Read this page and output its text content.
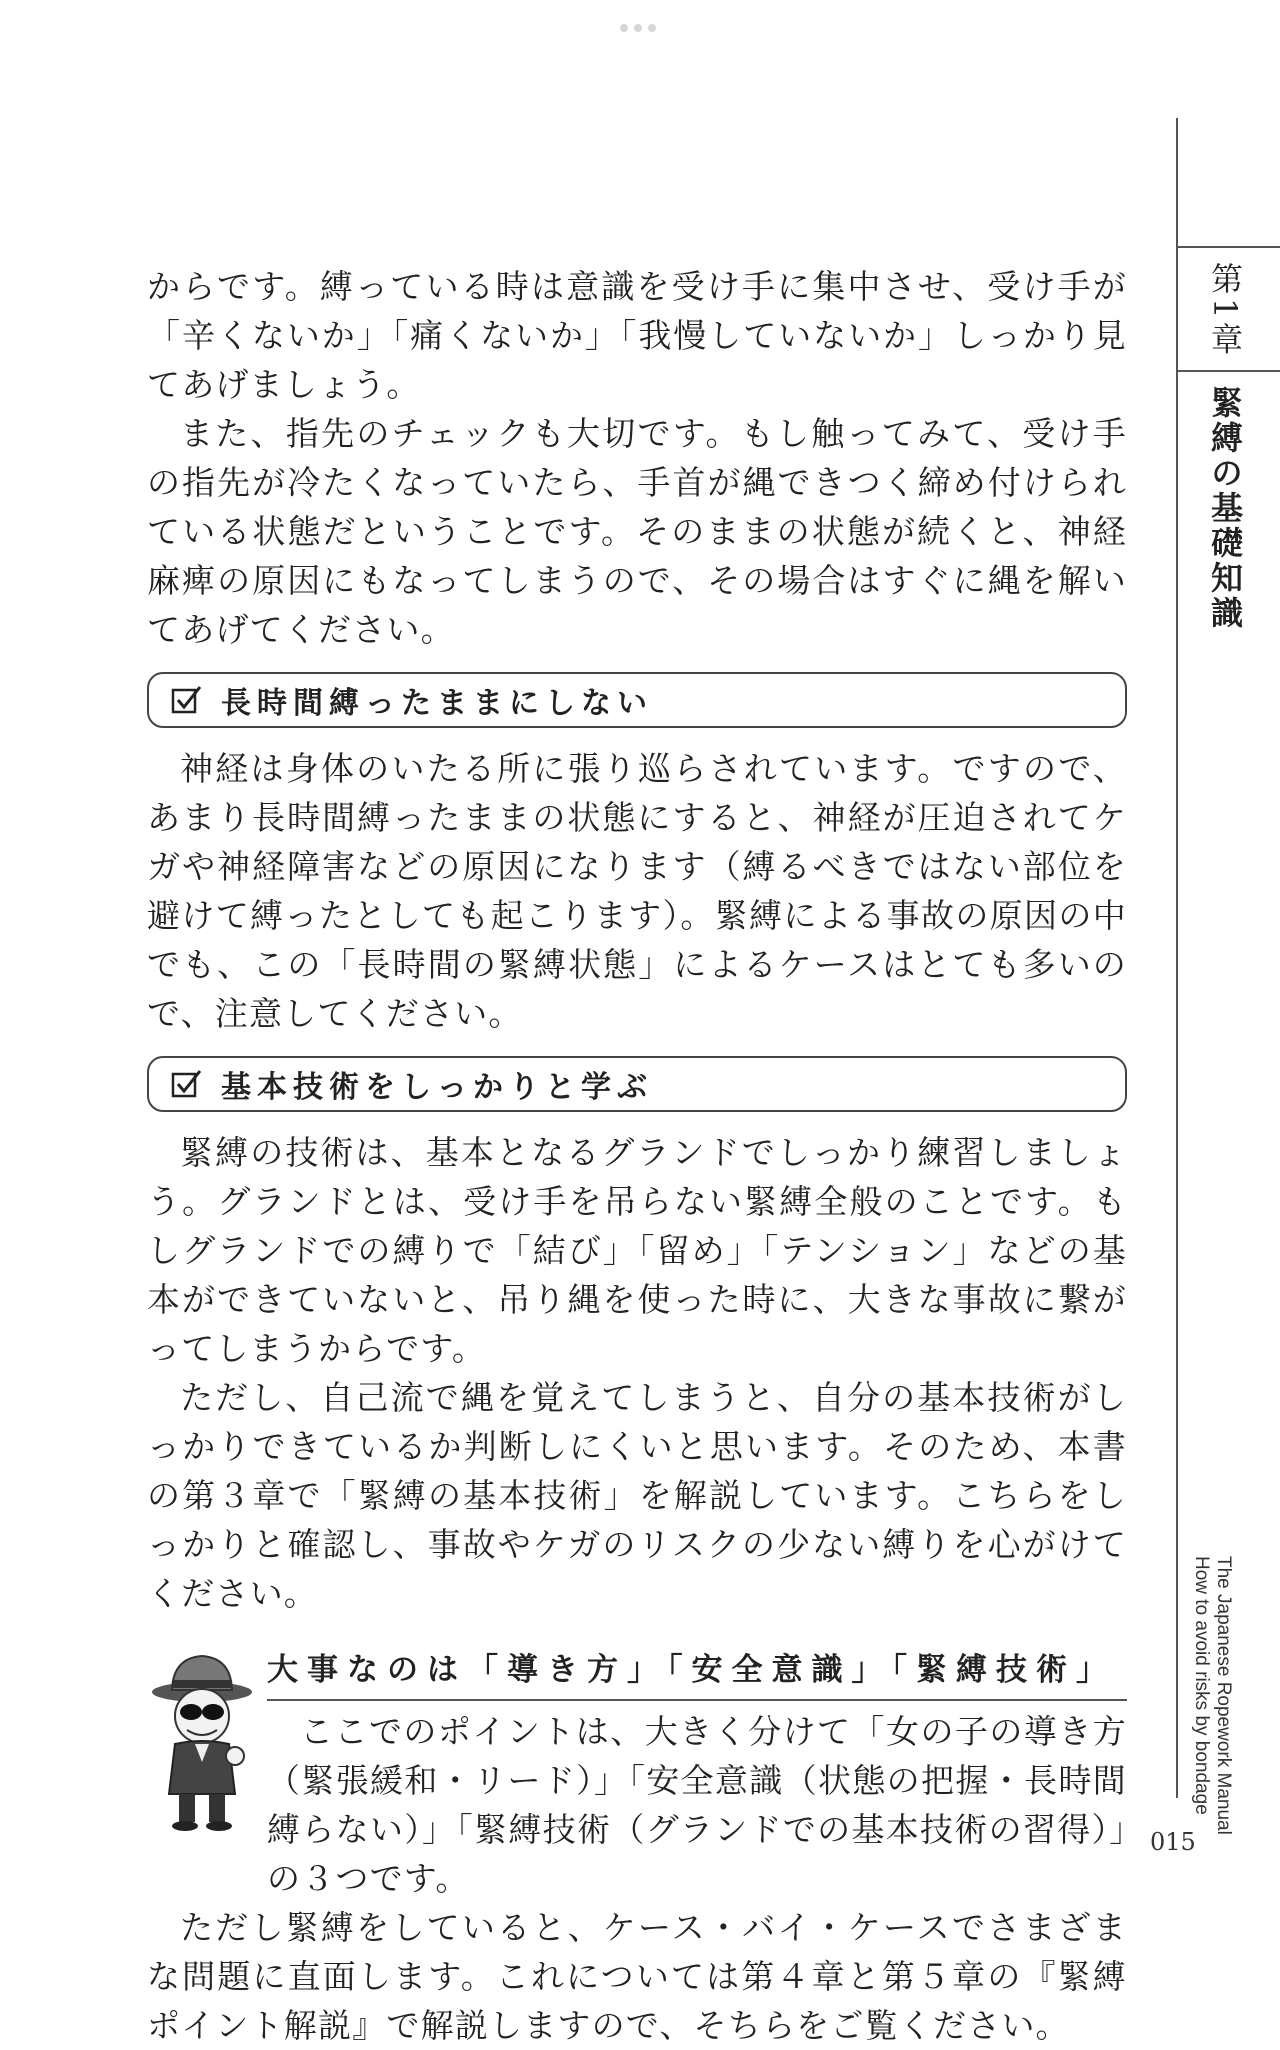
からです。縛っている時は意識を受け手に集中させ、受け手が「辛くないか」「痛くないか」「我慢していないか」しっかり見てあげましょう。

また、指先のチェックも大切です。もし触ってみて、受け手の指先が冷たくなっていたら、手首が縄できつく締め付けられている状態だということです。そのままの状態が続くと、神経麻痺の原因にもなってしまうので、その場合はすぐに縄を解いてあげてください。

長時間縛ったままにしない

神経は身体のいたる所に張り巡らされています。ですので、あまり長時間縛ったままの状態にすると、神経が圧迫されてケガや神経障害などの原因になります（縛るべきではない部位を避けて縛ったとしても起こります）。緊縛による事故の原因の中でも、この「長時間の緊縛状態」によるケースはとても多いので、注意してください。

基本技術をしっかりと学ぶ

緊縛の技術は、基本となるグランドでしっかり練習しましょう。グランドとは、受け手を吊らない緊縛全般のことです。もしグランドでの縛りで「結び」「留め」「テンション」などの基本ができていないと、吊り縄を使った時に、大きな事故に繋がってしまうからです。

ただし、自己流で縄を覚えてしまうと、自分の基本技術がしっかりできているか判断しにくいと思います。そのため、本書の第３章で「緊縛の基本技術」を解説しています。こちらをしっかりと確認し、事故やケガのリスクの少ない縛りを心がけてください。

大事なのは「導き方」「安全意識」「緊縛技術」

ここでのポイントは、大きく分けて「女の子の導き方（緊張緩和・リード）」「安全意識（状態の把握・長時間縛らない）」「緊縛技術（グランドでの基本技術の習得）」の３つです。

ただし緊縛をしていると、ケース・バイ・ケースでさまざまな問題に直面します。これについては第４章と第５章の『緊縛ポイント解説』で解説しますので、そちらをご覧ください。

第1章
緊縛の基礎知識
The Japanese Ropework Manual
How to avoid risks by bondage
015
